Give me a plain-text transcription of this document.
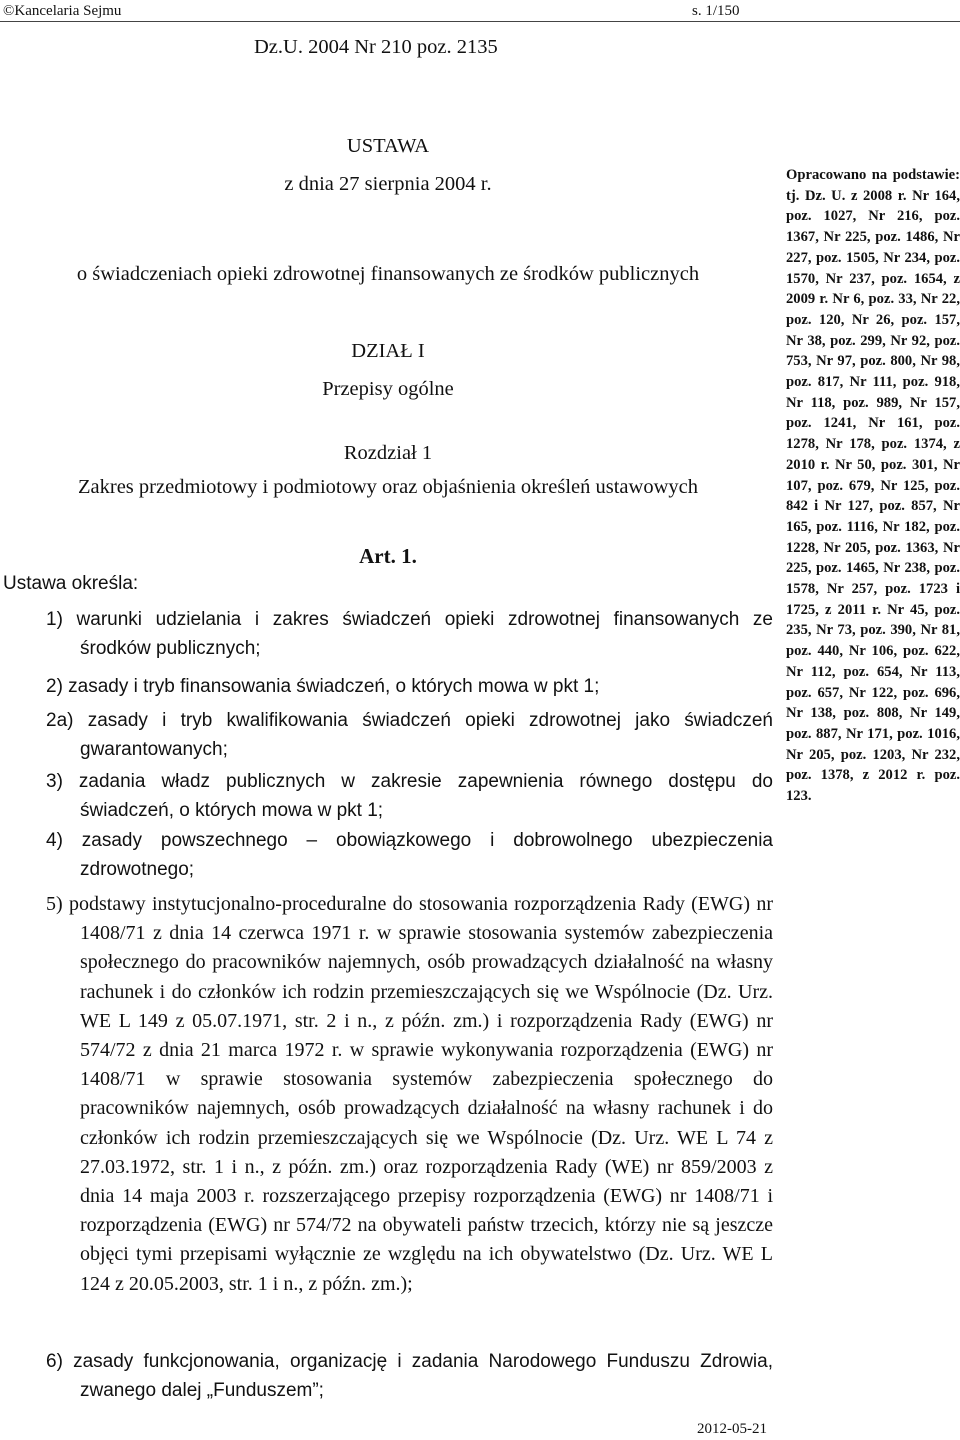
©Kancelaria Sejmu	s. 1/150
Dz.U. 2004 Nr 210 poz. 2135
USTAWA
z dnia 27 sierpnia 2004 r.
o świadczeniach opieki zdrowotnej finansowanych ze środków publicznych
DZIAŁ I
Przepisy ogólne
Rozdział 1
Zakres przedmiotowy i podmiotowy oraz objaśnienia określeń ustawowych
Art. 1.
Ustawa określa:
1) warunki udzielania i zakres świadczeń opieki zdrowotnej finansowanych ze środków publicznych;
2) zasady i tryb finansowania świadczeń, o których mowa w pkt 1;
2a) zasady i tryb kwalifikowania świadczeń opieki zdrowotnej jako świadczeń gwarantowanych;
3) zadania władz publicznych w zakresie zapewnienia równego dostępu do świadczeń, o których mowa w pkt 1;
4) zasady powszechnego – obowiązkowego i dobrowolnego ubezpieczenia zdrowotnego;
5) podstawy instytucjonalno-proceduralne do stosowania rozporządzenia Rady (EWG) nr 1408/71 z dnia 14 czerwca 1971 r. w sprawie stosowania systemów zabezpieczenia społecznego do pracowników najemnych, osób prowadzących działalność na własny rachunek i do członków ich rodzin przemieszczających się we Wspólnocie (Dz. Urz. WE L 149 z 05.07.1971, str. 2 i n., z późn. zm.) i rozporządzenia Rady (EWG) nr 574/72 z dnia 21 marca 1972 r. w sprawie wykonywania rozporządzenia (EWG) nr 1408/71 w sprawie stosowania systemów zabezpieczenia społecznego do pracowników najemnych, osób prowadzących działalność na własny rachunek i do członków ich rodzin przemieszczających się we Wspólnocie (Dz. Urz. WE L 74 z 27.03.1972, str. 1 i n., z późn. zm.) oraz rozporządzenia Rady (WE) nr 859/2003 z dnia 14 maja 2003 r. rozszerzającego przepisy rozporządzenia (EWG) nr 1408/71 i rozporządzenia (EWG) nr 574/72 na obywateli państw trzecich, którzy nie są jeszcze objęci tymi przepisami wyłącznie ze względu na ich obywatelstwo (Dz. Urz. WE L 124 z 20.05.2003, str. 1 i n., z późn. zm.);
6) zasady funkcjonowania, organizację i zadania Narodowego Funduszu Zdrowia, zwanego dalej „Funduszem”;
Opracowano na podstawie: tj. Dz. U. z 2008 r. Nr 164, poz. 1027, Nr 216, poz. 1367, Nr 225, poz. 1486, Nr 227, poz. 1505, Nr 234, poz. 1570, Nr 237, poz. 1654, z 2009 r. Nr 6, poz. 33, Nr 22, poz. 120, Nr 26, poz. 157, Nr 38, poz. 299, Nr 92, poz. 753, Nr 97, poz. 800, Nr 98, poz. 817, Nr 111, poz. 918, Nr 118, poz. 989, Nr 157, poz. 1241, Nr 161, poz. 1278, Nr 178, poz. 1374, z 2010 r. Nr 50, poz. 301, Nr 107, poz. 679, Nr 125, poz. 842 i Nr 127, poz. 857, Nr 165, poz. 1116, Nr 182, poz. 1228, Nr 205, poz. 1363, Nr 225, poz. 1465, Nr 238, poz. 1578, Nr 257, poz. 1723 i 1725, z 2011 r. Nr 45, poz. 235, Nr 73, poz. 390, Nr 81, poz. 440, Nr 106, poz. 622, Nr 112, poz. 654, Nr 113, poz. 657, Nr 122, poz. 696, Nr 138, poz. 808, Nr 149, poz. 887, Nr 171, poz. 1016, Nr 205, poz. 1203, Nr 232, poz. 1378, z 2012 r. poz. 123.
2012-05-21
